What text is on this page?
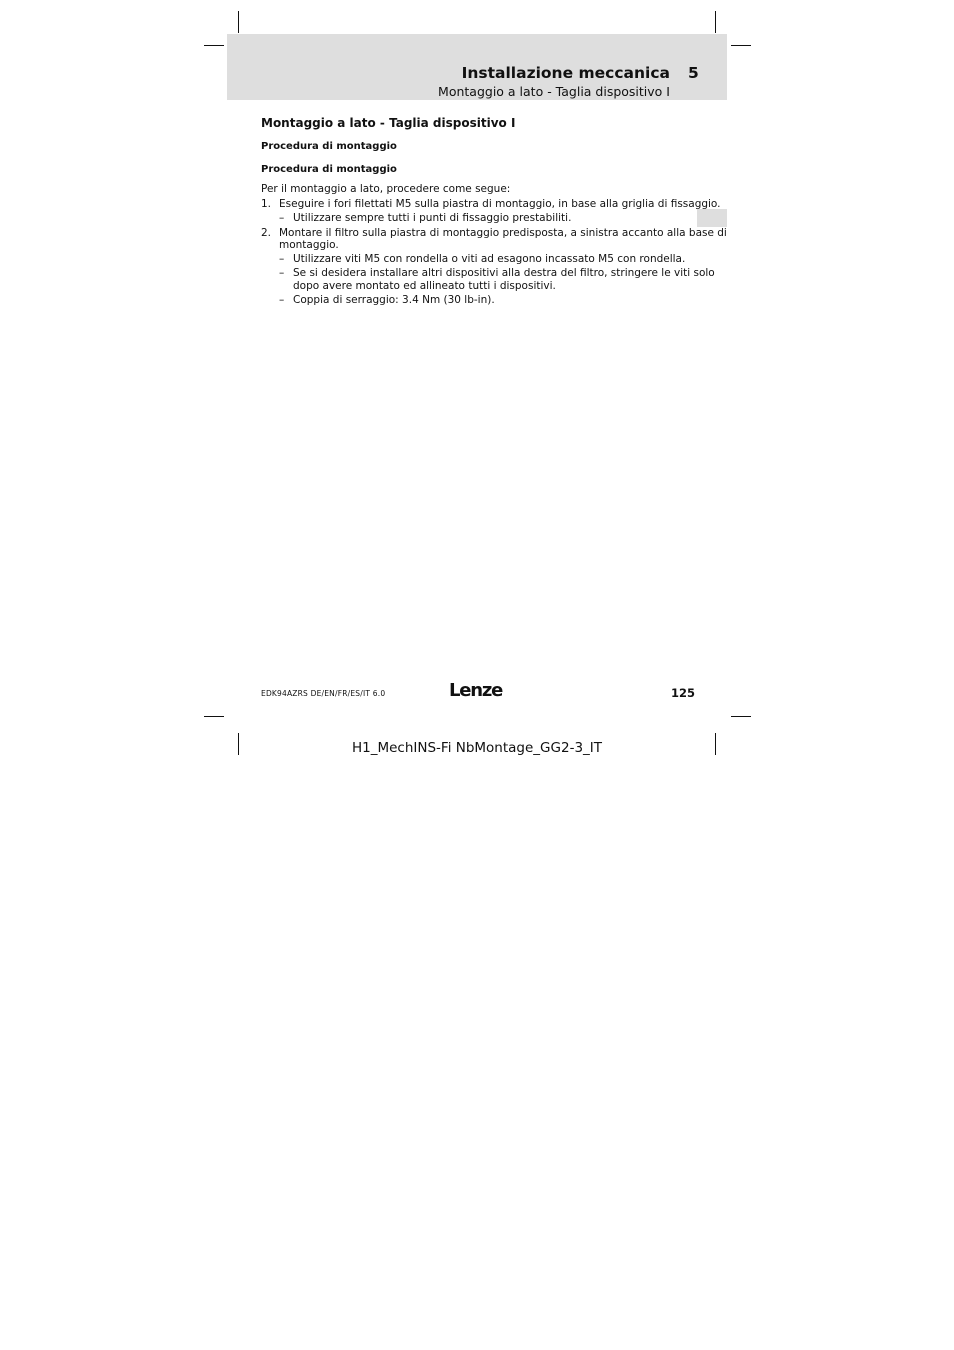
Installazione meccanica 5
Montaggio a lato - Taglia dispositivo I
Montaggio a lato - Taglia dispositivo I
Procedura di montaggio
Procedura di montaggio
Per il montaggio a lato, procedere come segue:
1. Eseguire i fori filettati M5 sulla piastra di montaggio, in base alla griglia di fissaggio.
– Utilizzare sempre tutti i punti di fissaggio prestabiliti.
2. Montare il filtro sulla piastra di montaggio predisposta, a sinistra accanto alla base di
montaggio.
– Utilizzare viti M5 con rondella o viti ad esagono incassato M5 con rondella.
– Se si desidera installare altri dispositivi alla destra del filtro, stringere le viti solo
dopo avere montato ed allineato tutti i dispositivi.
– Coppia di serraggio: 3.4 Nm (30 lb-in).
EDK94AZRS DE/EN/FR/ES/IT 6.0	Lenze	125
H1_MechINS-Fi NbMontage_GG2-3_IT
